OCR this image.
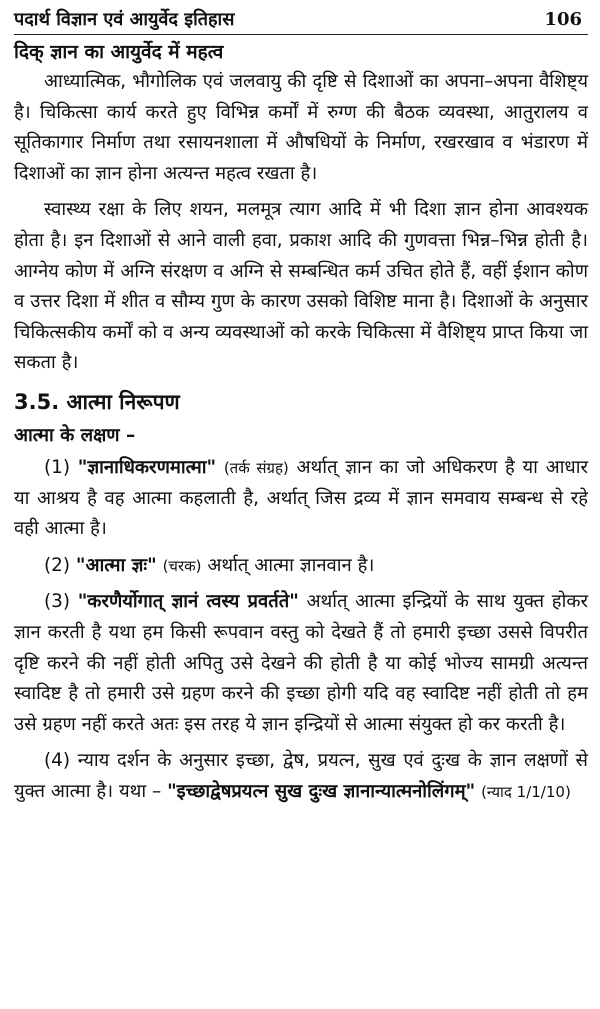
पदार्थ विज्ञान एवं आयुर्वेद इतिहास	106
दिक् ज्ञान का आयुर्वेद में महत्व

आध्यात्मिक, भौगोलिक एवं जलवायु की दृष्टि से दिशाओं का अपना–अपना वैशिष्ट्य है। चिकित्सा कार्य करते हुए विभिन्न कर्मों में रुग्ण की बैठक व्यवस्था, आतुरालय व सूतिकागार निर्माण तथा रसायनशाला में औषधियों के निर्माण, रखरखाव व भंडारण में दिशाओं का ज्ञान होना अत्यन्त महत्व रखता है।

स्वास्थ्य रक्षा के लिए शयन, मलमूत्र त्याग आदि में भी दिशा ज्ञान होना आवश्यक होता है। इन दिशाओं से आने वाली हवा, प्रकाश आदि की गुणवत्ता भिन्न–भिन्न होती है। आग्नेय कोण में अग्नि संरक्षण व अग्नि से सम्बन्धित कर्म उचित होते हैं, वहीं ईशान कोण व उत्तर दिशा में शीत व सौम्य गुण के कारण उसको विशिष्ट माना है। दिशाओं के अनुसार चिकित्सकीय कर्मों को व अन्य व्यवस्थाओं को करके चिकित्सा में वैशिष्ट्य प्राप्त किया जा सकता है।

3.5. आत्मा निरूपण
आत्मा के लक्षण –

(1) "ज्ञानाधिकरणमात्मा" (तर्क संग्रह) अर्थात् ज्ञान का जो अधिकरण है या आधार या आश्रय है वह आत्मा कहलाती है, अर्थात् जिस द्रव्य में ज्ञान समवाय सम्बन्ध से रहे वही आत्मा है।

(2) "आत्मा ज्ञः" (चरक) अर्थात् आत्मा ज्ञानवान है।

(3) "करणैर्योगात् ज्ञानं त्वस्य प्रवर्तते" अर्थात् आत्मा इन्द्रियों के साथ युक्त होकर ज्ञान करती है यथा हम किसी रूपवान वस्तु को देखते हैं तो हमारी इच्छा उससे विपरीत दृष्टि करने की नहीं होती अपितु उसे देखने की होती है या कोई भोज्य सामग्री अत्यन्त स्वादिष्ट है तो हमारी उसे ग्रहण करने की इच्छा होगी यदि वह स्वादिष्ट नहीं होती तो हम उसे ग्रहण नहीं करते अतः इस तरह ये ज्ञान इन्द्रियों से आत्मा संयुक्त हो कर करती है।

(4) न्याय दर्शन के अनुसार इच्छा, द्वेष, प्रयत्न, सुख एवं दुःख के ज्ञान लक्षणों से युक्त आत्मा है। यथा – "इच्छाद्वेषप्रयत्न सुख दुःख ज्ञानान्यात्मनोलिंगम्" (न्याद 1/1/10)
